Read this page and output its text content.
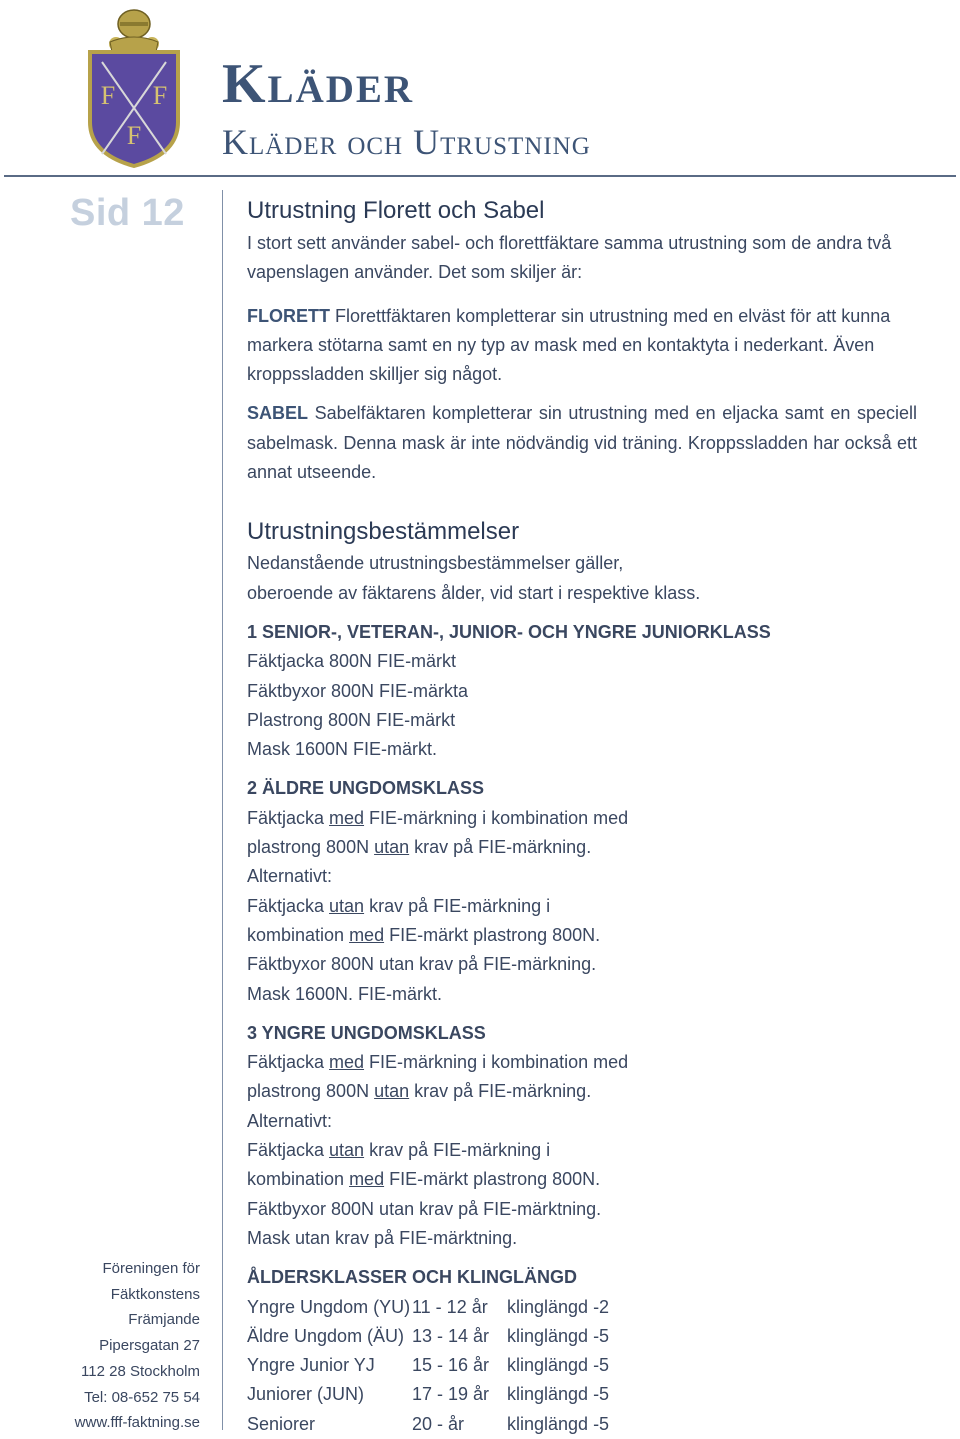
F F
F
Kläder
Kläder och Utrustning
Sid 12	Utrustning Florett och Sabel

I stort sett använder sabel- och florettfäktare samma utrustning som de andra två vapenslagen använder. Det som skiljer är:

FLORETT Florettfäktaren kompletterar sin utrustning med en elväst för att kunna markera stötarna samt en ny typ av mask med en kontaktyta i nederkant. Även kroppssladden skilljer sig något.

SABEL Sabelfäktaren kompletterar sin utrustning med en eljacka samt en speciell sabelmask. Denna mask är inte nödvändig vid träning. Kroppssladden har också ett annat utseende.

Utrustningsbestämmelser

Nedanstående utrustningsbestämmelser gäller,

oberoende av fäktarens ålder, vid start i respektive klass.

1 SENIOR-, VETERAN-, JUNIOR- OCH YNGRE JUNIORKLASS

Fäktjacka 800N FIE-märkt
Fäktbyxor 800N FIE-märkta
Plastrong 800N FIE-märkt
Mask 1600N FIE-märkt.

2 ÄLDRE UNGDOMSKLASS

Fäktjacka med FIE-märkning i kombination med
plastrong 800N utan krav på FIE-märkning.
Alternativt:
Fäktjacka utan krav på FIE-märkning i
kombination med FIE-märkt plastrong 800N.
Fäktbyxor 800N utan krav på FIE-märkning.
Mask 1600N. FIE-märkt.

3 YNGRE UNGDOMSKLASS

Fäktjacka med FIE-märkning i kombination med
plastrong 800N utan krav på FIE-märkning.
Alternativt:
Fäktjacka utan krav på FIE-märkning i
kombination med FIE-märkt plastrong 800N.
Fäktbyxor 800N utan krav på FIE-märktning.
Mask utan krav på FIE-märktning.

ÅLDERSKLASSER OCH KLINGLÄNGD

Yngre Ungdom (YU)	11 - 12 år	klinglängd -2
Äldre Ungdom (ÄU)	13 - 14 år	klinglängd -5
Yngre Junior YJ	15 - 16 år	klinglängd -5
Juniorer (JUN)	17 - 19 år	klinglängd -5
Seniorer	20 - år	klinglängd -5
Föreningen för
Fäktkonstens
Främjande
Pipersgatan 27
112 28 Stockholm
Tel: 08-652 75 54
www.fff-faktning.se
